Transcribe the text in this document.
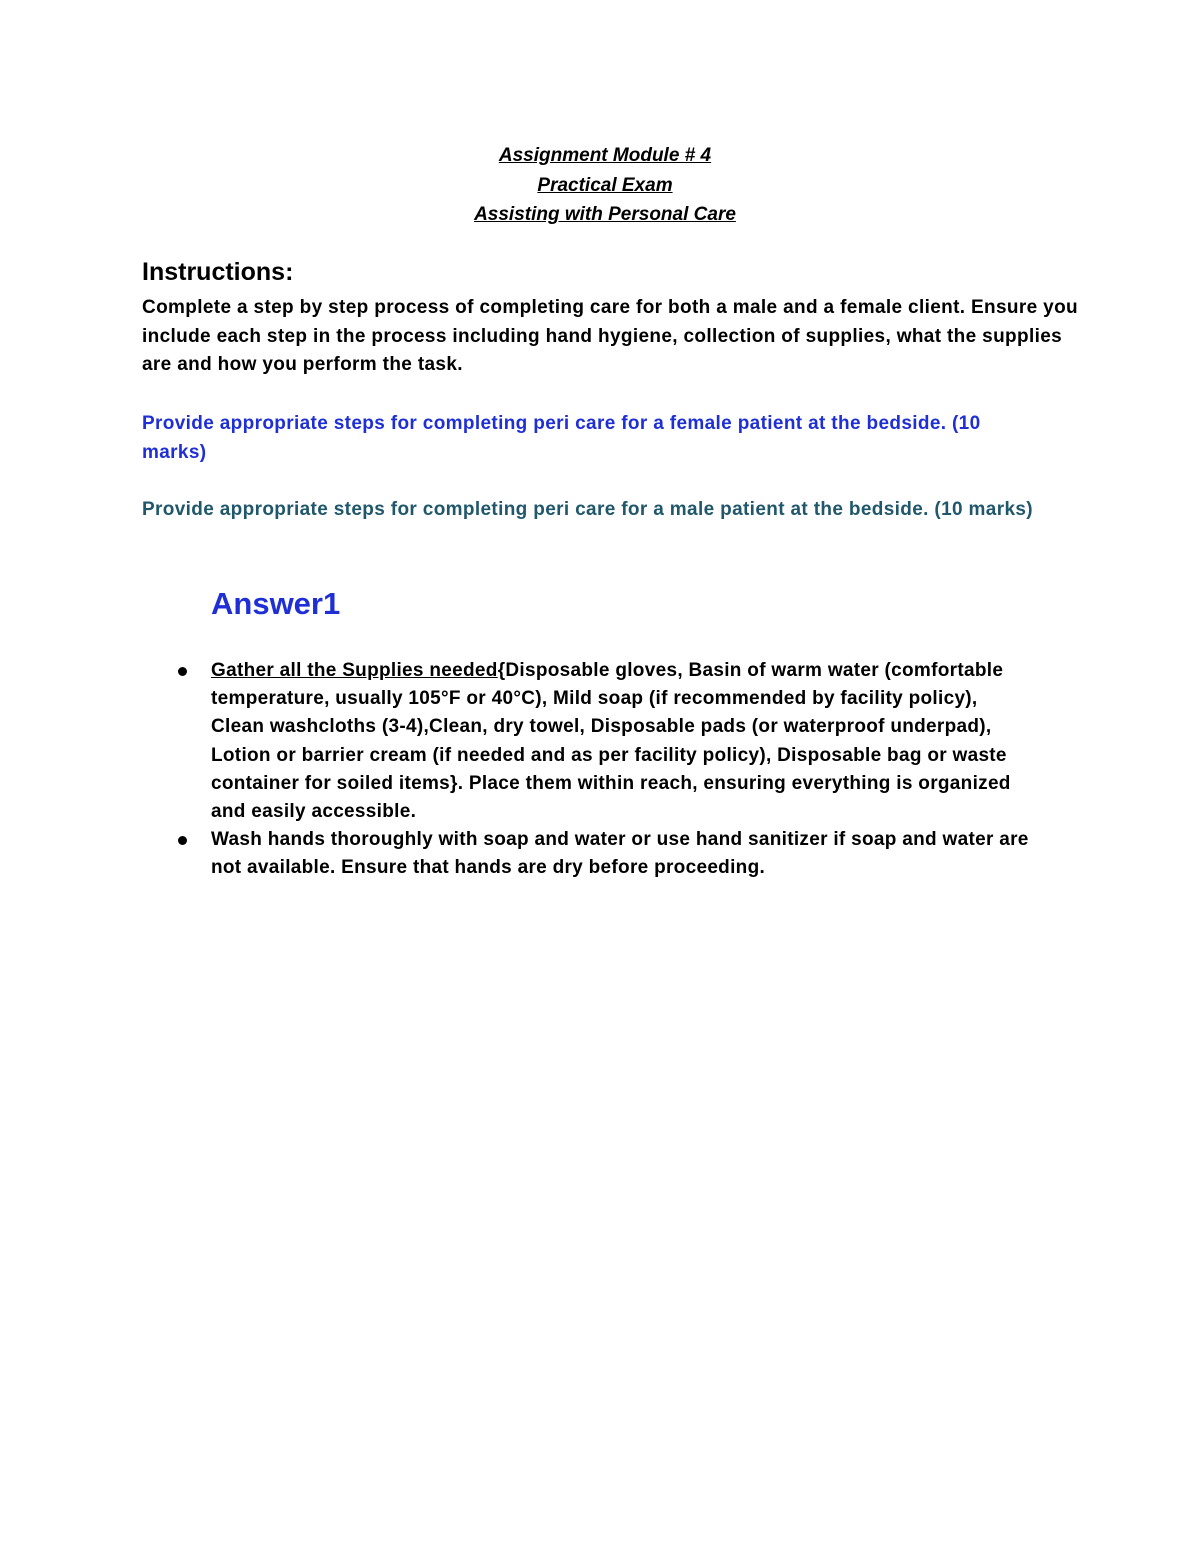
Assignment Module # 4

Practical Exam

Assisting with Personal Care

Instructions:

Complete a step by step process of completing care for both a male and a female client. Ensure you include each step in the process including hand hygiene, collection of supplies, what the supplies are and how you perform the task.

Provide appropriate steps for completing peri care for a female patient at the bedside. (10 marks)

Provide appropriate steps for completing peri care for a male patient at the bedside. (10 marks)

Answer1

Gather all the Supplies needed{Disposable gloves, Basin of warm water (comfortable temperature, usually 105°F or 40°C), Mild soap (if recommended by facility policy), Clean washcloths (3-4),Clean, dry towel, Disposable pads (or waterproof underpad), Lotion or barrier cream (if needed and as per facility policy), Disposable bag or waste container for soiled items}. Place them within reach, ensuring everything is organized and easily accessible.
Wash hands thoroughly with soap and water or use hand sanitizer if soap and water are not available. Ensure that hands are dry before proceeding.
